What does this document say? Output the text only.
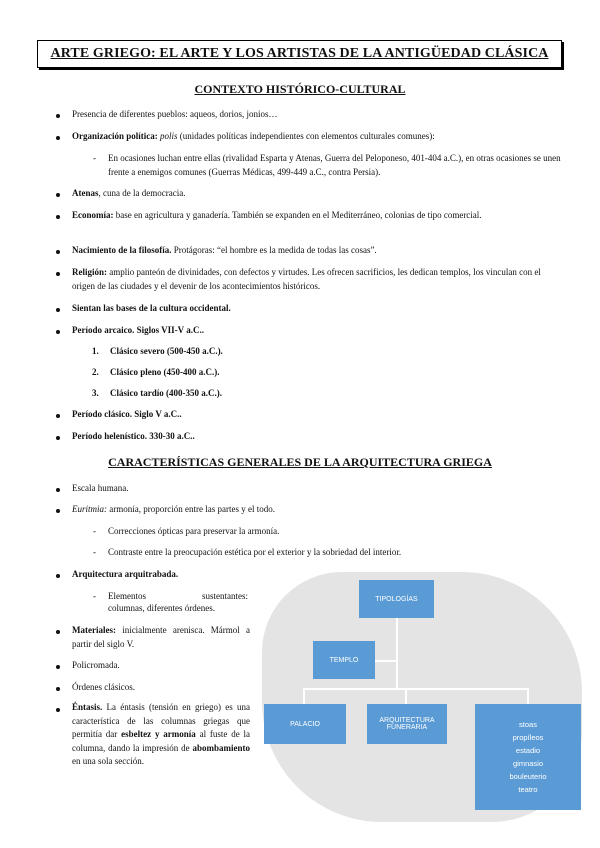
ARTE GRIEGO: EL ARTE Y LOS ARTISTAS DE LA ANTIGÜEDAD CLÁSICA
CONTEXTO HISTÓRICO-CULTURAL
Presencia de diferentes pueblos: aqueos, dorios, jonios…
Organización política: polis (unidades políticas independientes con elementos culturales comunes):
- En ocasiones luchan entre ellas (rivalidad Esparta y Atenas, Guerra del Peloponeso, 401-404 a.C.), en otras ocasiones se unen frente a enemigos comunes (Guerras Médicas, 499-449 a.C., contra Persia).
Atenas, cuna de la democracia.
Economía: base en agricultura y ganadería. También se expanden en el Mediterráneo, colonias de tipo comercial.
Nacimiento de la filosofía. Protágoras: “el hombre es la medida de todas las cosas”.
Religión: amplio panteón de divinidades, con defectos y virtudes. Les ofrecen sacrificios, les dedican templos, los vinculan con el origen de las ciudades y el devenir de los acontecimientos históricos.
Sientan las bases de la cultura occidental.
Período arcaico. Siglos VII-V a.C..
1. Clásico severo (500-450 a.C.).
2. Clásico pleno (450-400 a.C.).
3. Clásico tardío (400-350 a.C.).
Período clásico. Siglo V a.C..
Período helenístico. 330-30 a.C..
CARACTERÍSTICAS GENERALES DE LA ARQUITECTURA GRIEGA
Escala humana.
Euritmia: armonía, proporción entre las partes y el todo.
- Correcciones ópticas para preservar la armonía.
- Contraste entre la preocupación estética por el exterior y la sobriedad del interior.
Arquitectura arquitrabada.
- Elementos sustentantes:
columnas, diferentes órdenes.
Materiales: inicialmente arenisca. Mármol a partir del siglo V.
Policromada.
Órdenes clásicos.
Éntasis. La éntasis (tensión en griego) es una característica de las columnas griegas que permitía dar esbeltez y armonía al fuste de la columna, dando la impresión de abombamiento en una sola sección.
TIPOLOGÍAS
TEMPLO
PALACIO	ARQUITECTURA FUNERARIA	stoas
propíleos
estadio
gimnasio
bouleuterio
teatro
